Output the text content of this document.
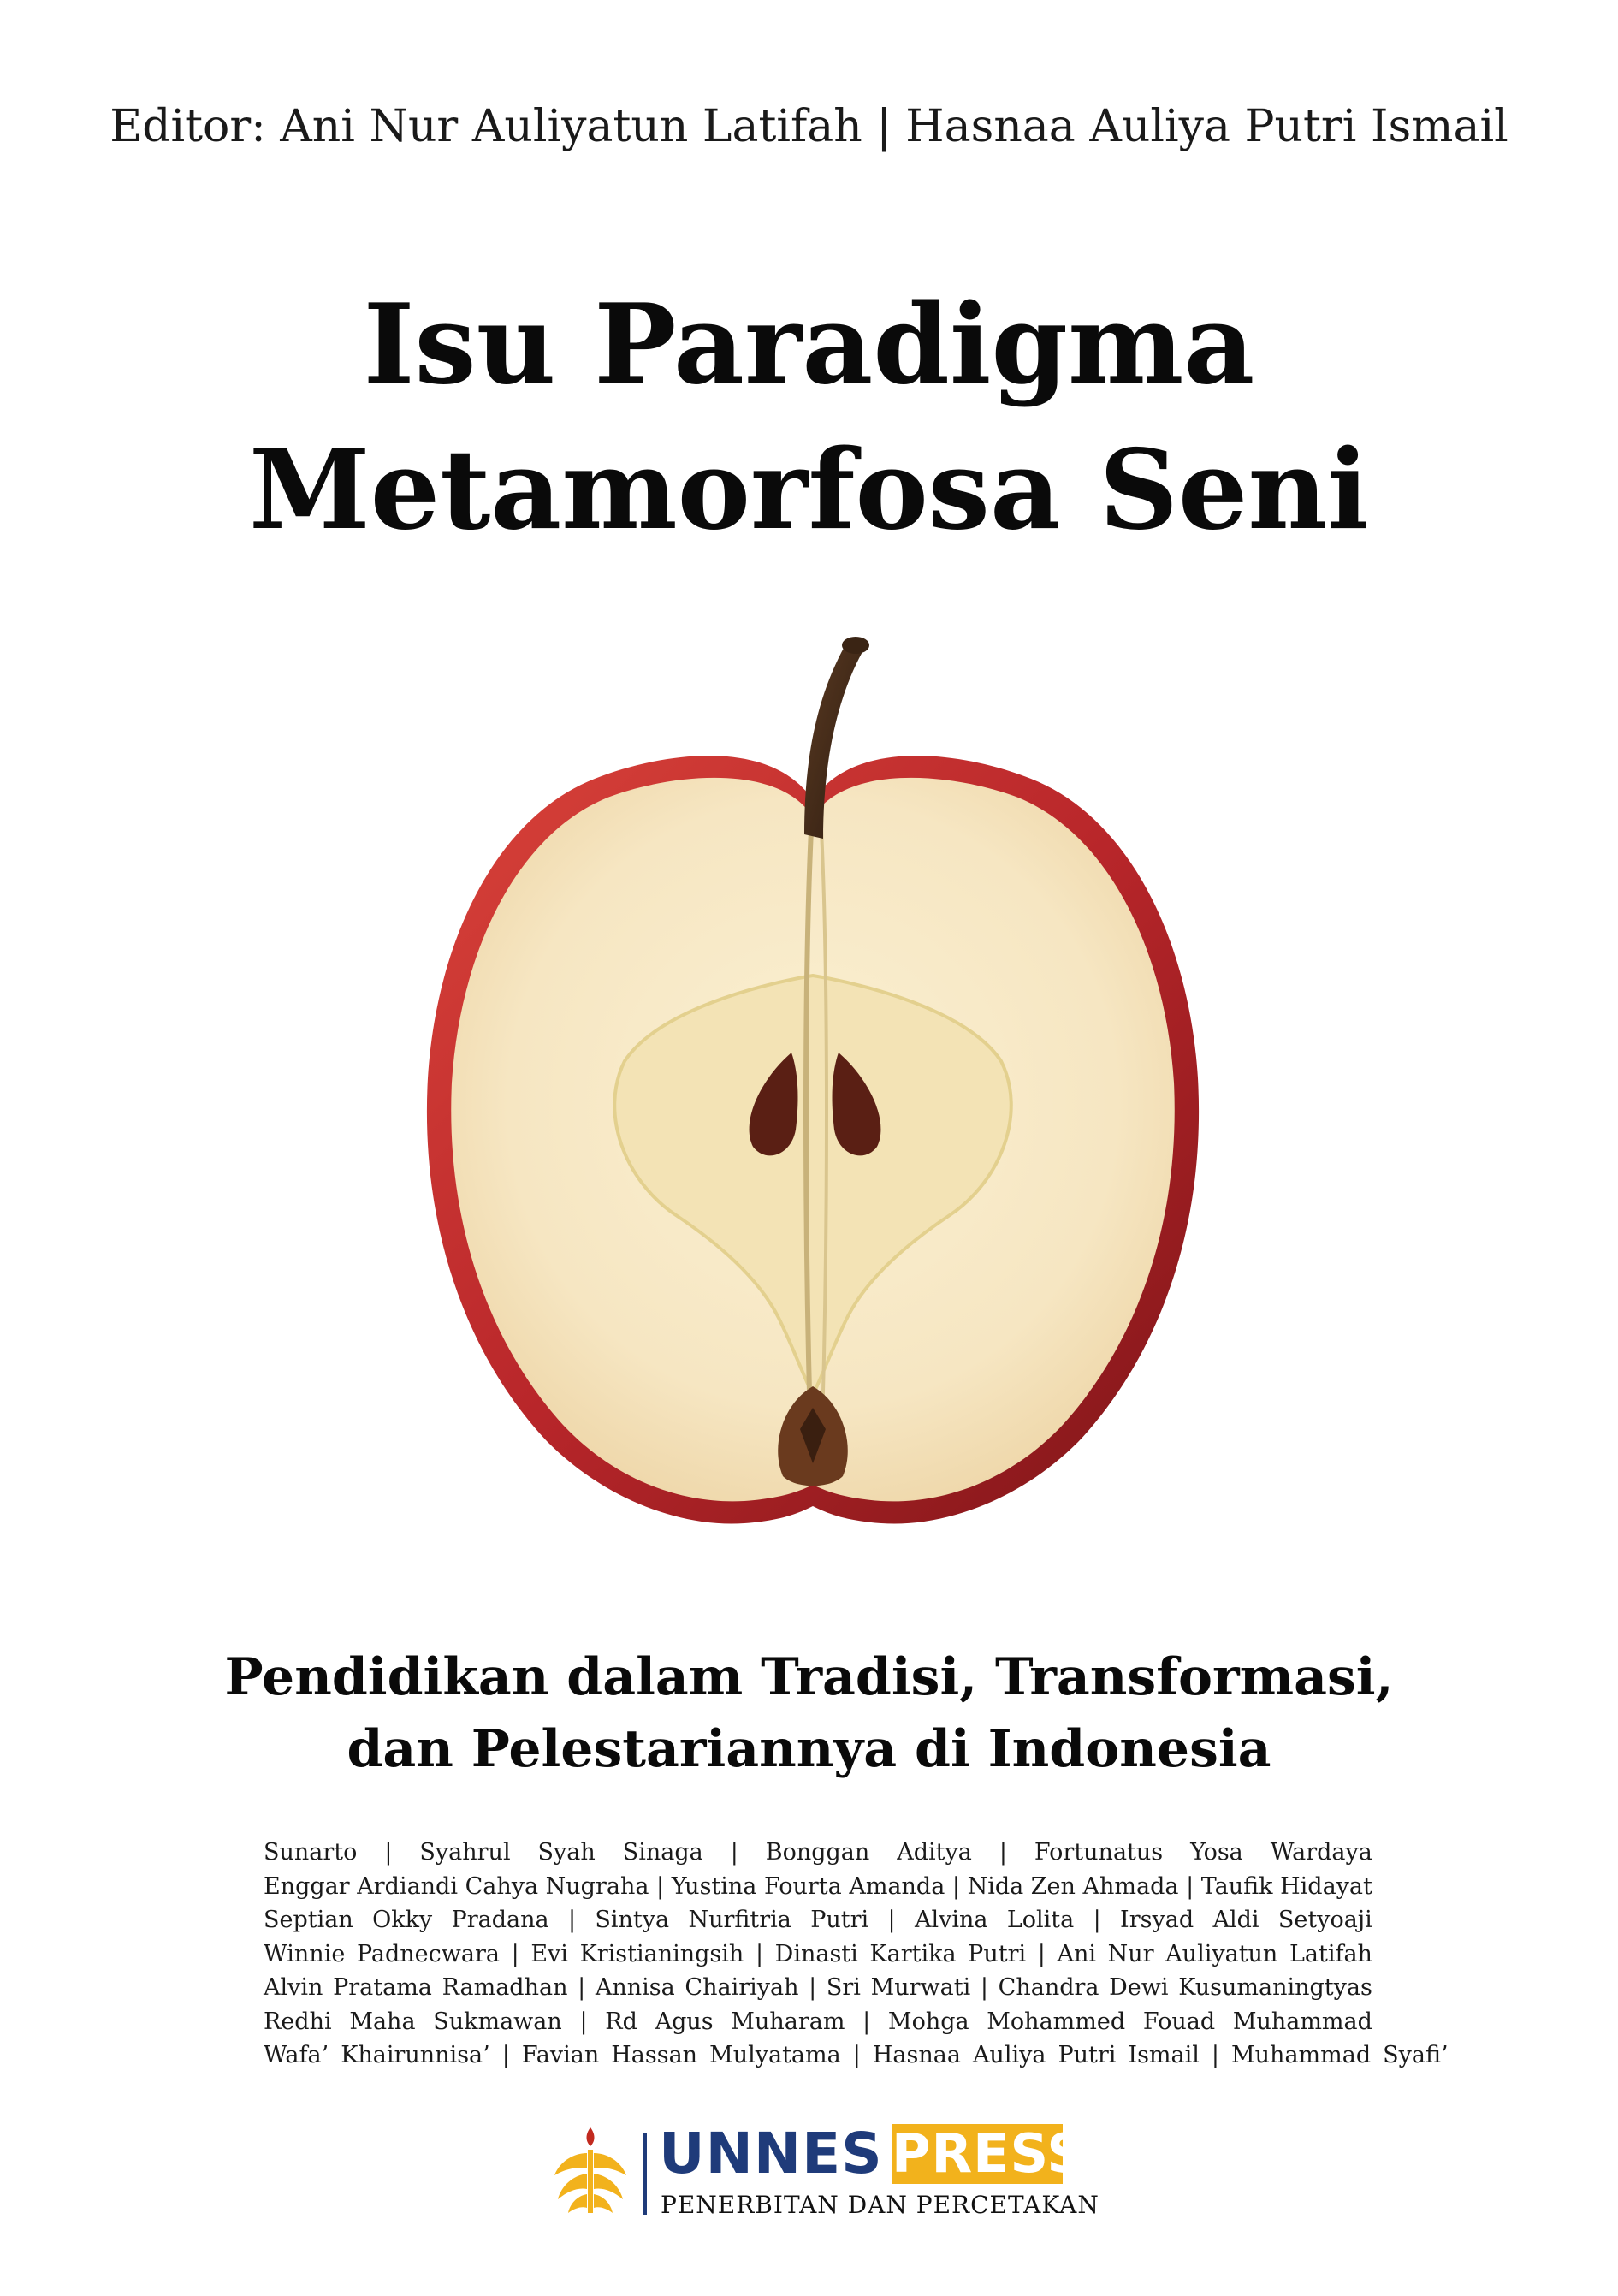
Editor: Ani Nur Auliyatun Latifah | Hasnaa Auliya Putri Ismail
Isu Paradigma
Metamorfosa Seni
Pendidikan dalam Tradisi, Transformasi,
dan Pelestariannya di Indonesia
Sunarto | Syahrul Syah Sinaga | Bonggan Aditya | Fortunatus Yosa Wardaya
Enggar Ardiandi Cahya Nugraha | Yustina Fourta Amanda | Nida Zen Ahmada | Taufik Hidayat
Septian Okky Pradana | Sintya Nurfitria Putri | Alvina Lolita | Irsyad Aldi Setyoaji
Winnie Padnecwara | Evi Kristianingsih | Dinasti Kartika Putri | Ani Nur Auliyatun Latifah
Alvin Pratama Ramadhan | Annisa Chairiyah | Sri Murwati | Chandra Dewi Kusumaningtyas
Redhi Maha Sukmawan | Rd Agus Muharam | Mohga Mohammed Fouad Muhammad
Wafa’ Khairunnisa’ | Favian Hassan Mulyatama | Hasnaa Auliya Putri Ismail | Muhammad Syafi’
UNNES PRESS
PENERBITAN DAN PERCETAKAN
